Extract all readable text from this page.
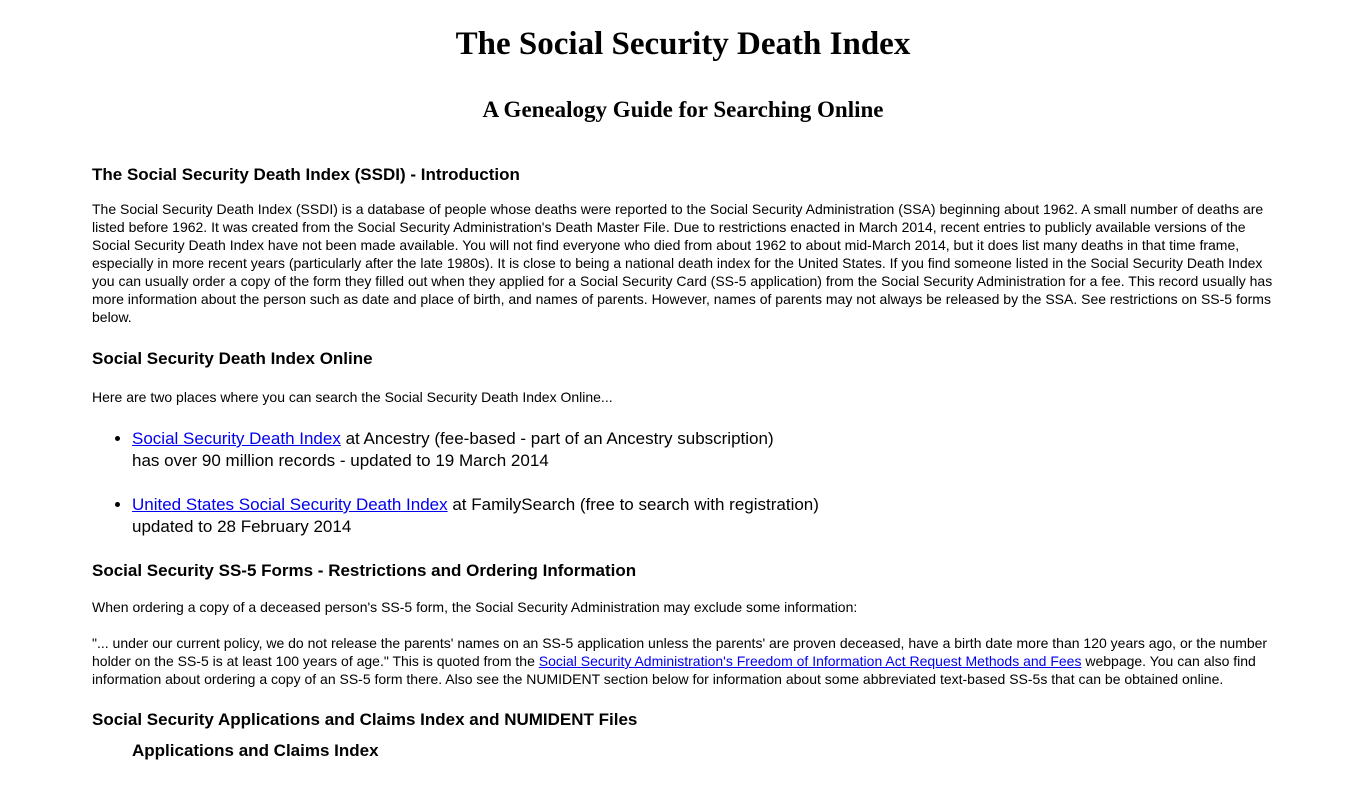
The Social Security Death Index
A Genealogy Guide for Searching Online
The Social Security Death Index (SSDI) - Introduction

The Social Security Death Index (SSDI) is a database of people whose deaths were reported to the Social Security Administration (SSA) beginning about 1962. A small number of deaths are listed before 1962. It was created from the Social Security Administration's Death Master File. Due to restrictions enacted in March 2014, recent entries to publicly available versions of the Social Security Death Index have not been made available. You will not find everyone who died from about 1962 to about mid-March 2014, but it does list many deaths in that time frame, especially in more recent years (particularly after the late 1980s). It is close to being a national death index for the United States. If you find someone listed in the Social Security Death Index you can usually order a copy of the form they filled out when they applied for a Social Security Card (SS-5 application) from the Social Security Administration for a fee. This record usually has more information about the person such as date and place of birth, and names of parents. However, names of parents may not always be released by the SSA. See restrictions on SS-5 forms below.

Social Security Death Index Online

Here are two places where you can search the Social Security Death Index Online...

• Social Security Death Index at Ancestry (fee-based - part of an Ancestry subscription)
has over 90 million records - updated to 19 March 2014
• United States Social Security Death Index at FamilySearch (free to search with registration)
updated to 28 February 2014
Social Security SS-5 Forms - Restrictions and Ordering Information

When ordering a copy of a deceased person's SS-5 form, the Social Security Administration may exclude some information:

"... under our current policy, we do not release the parents' names on an SS-5 application unless the parents' are proven deceased, have a birth date more than 120 years ago, or the number holder on the SS-5 is at least 100 years of age." This is quoted from the Social Security Administration's Freedom of Information Act Request Methods and Fees webpage. You can also find information about ordering a copy of an SS-5 form there. Also see the NUMIDENT section below for information about some abbreviated text-based SS-5s that can be obtained online.

Social Security Applications and Claims Index and NUMIDENT Files
Applications and Claims Index
